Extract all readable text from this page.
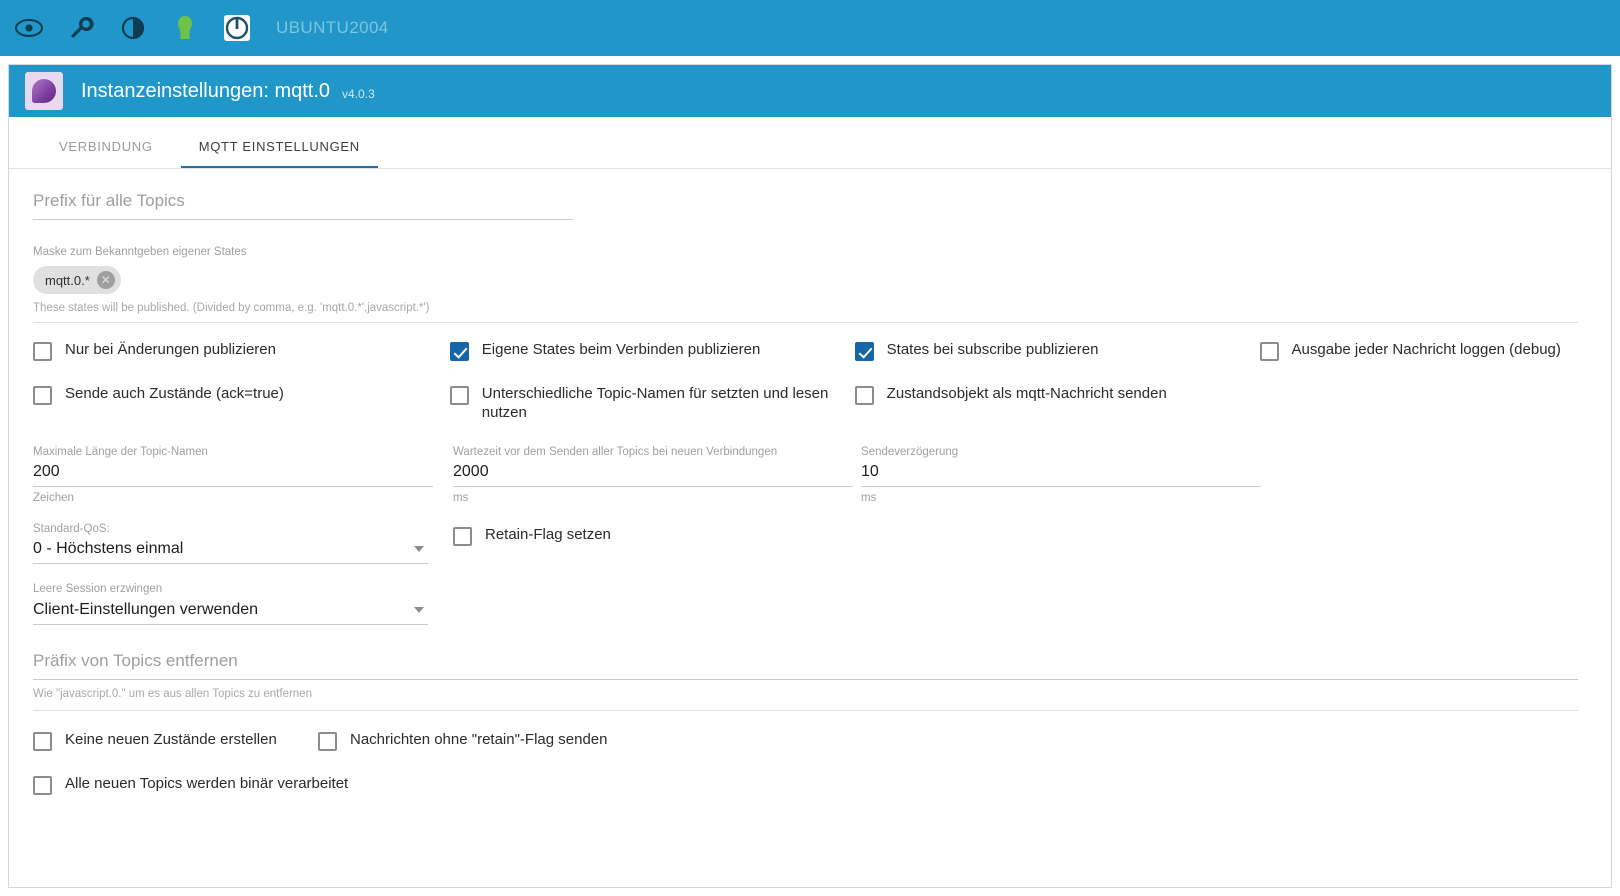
UBUNTU2004
Instanzeinstellungen: mqtt.0 v4.0.3
VERBINDUNG	MQTT EINSTELLUNGEN
Prefix für alle Topics
Maske zum Bekanntgeben eigener States
mqtt.0.* ✕
These states will be published. (Divided by comma, e.g. 'mqtt.0.*',javascript.*')
Nur bei Änderungen publizieren	Eigene States beim Verbinden publizieren	States bei subscribe publizieren	Ausgabe jeder Nachricht loggen (debug)
Sende auch Zustände (ack=true)	Unterschiedliche Topic-Namen für setzten und lesen nutzen
Zustandsobjekt als mqtt-Nachricht senden
Maximale Länge der Topic-Namen
200
Zeichen
Wartezeit vor dem Senden aller Topics bei neuen Verbindungen
2000
ms
Sendeverzögerung
10
ms
Standard-QoS:
0 - Höchstens einmal
Leere Session erzwingen
Client-Einstellungen verwenden
Retain-Flag setzen
Präfix von Topics entfernen
Wie "javascript.0." um es aus allen Topics zu entfernen
Keine neuen Zustände erstellen	Nachrichten ohne "retain"-Flag senden
Alle neuen Topics werden binär verarbeitet
